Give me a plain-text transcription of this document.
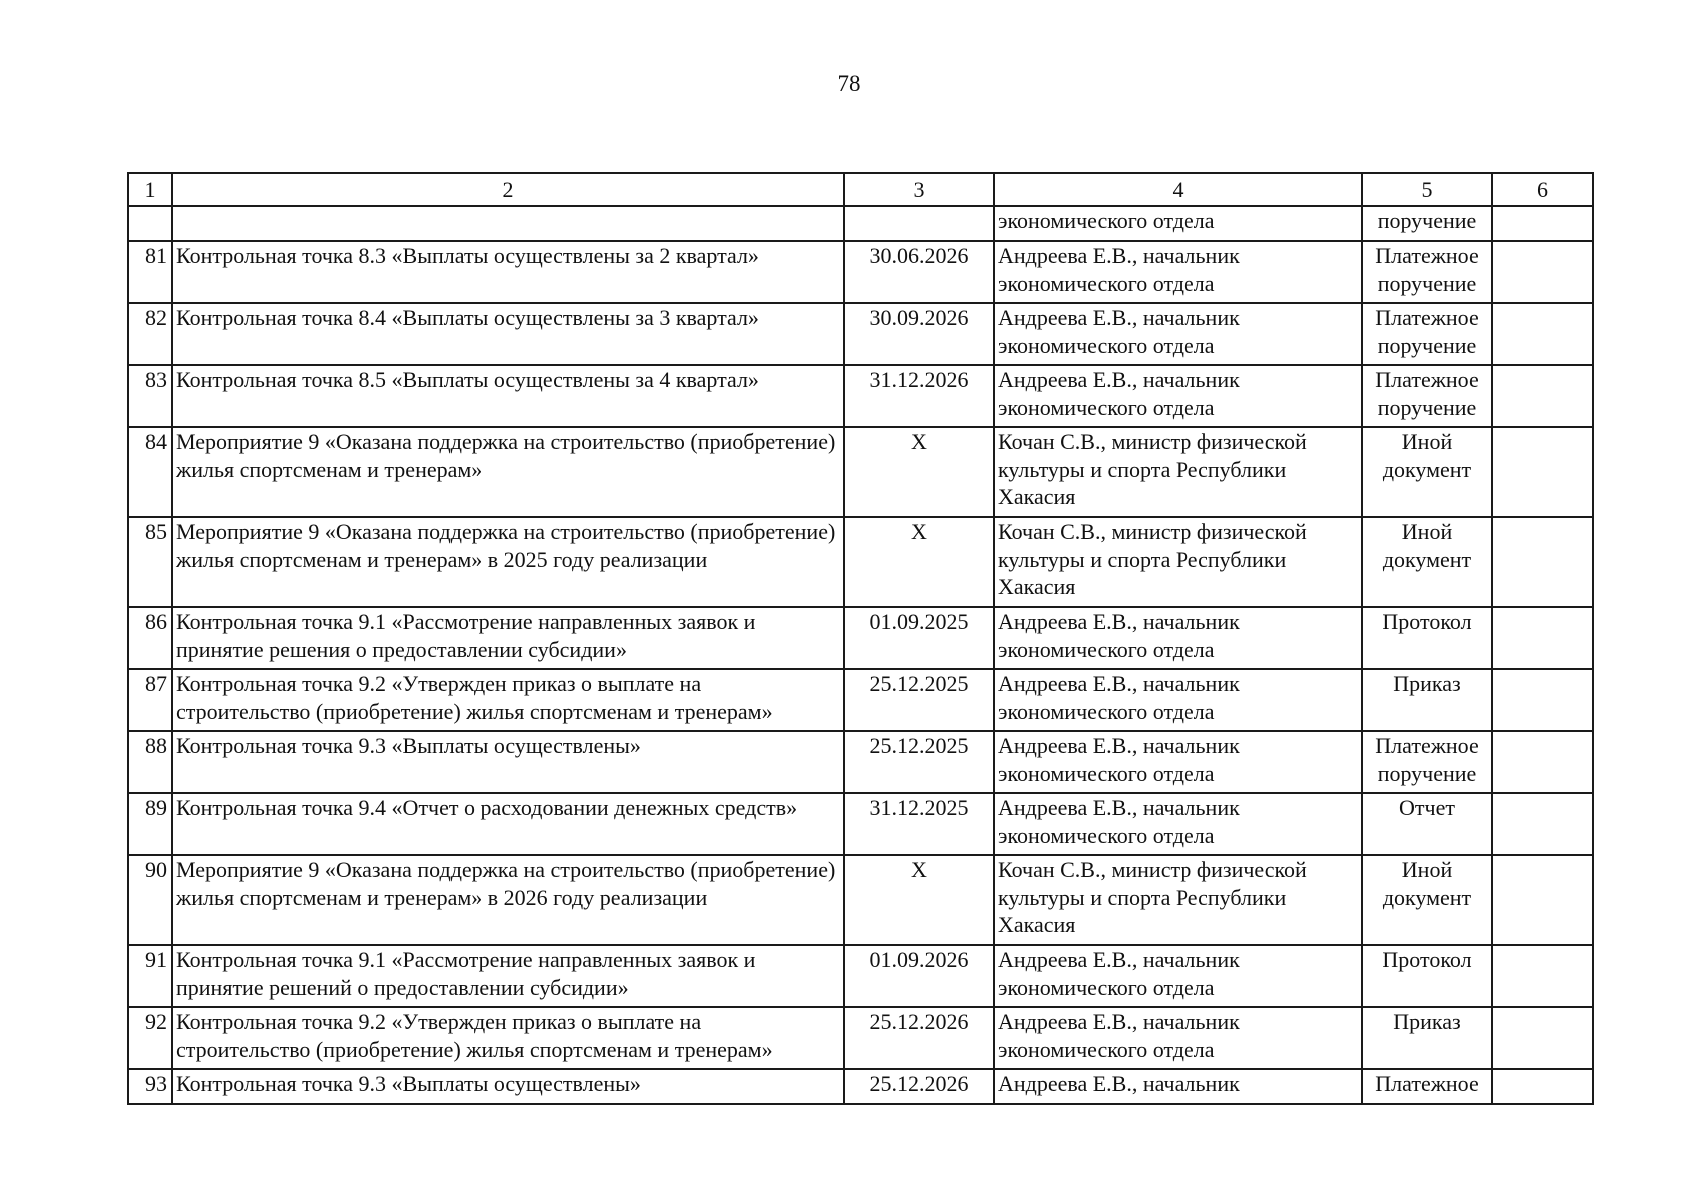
78
1	2	3	4	5	6
			экономического отдела	поручение	
81	Контрольная точка 8.3 «Выплаты осуществлены за 2 квартал»	30.06.2026	Андреева Е.В., начальник экономического отдела	Платежное поручение	
82	Контрольная точка 8.4 «Выплаты осуществлены за 3 квартал»	30.09.2026	Андреева Е.В., начальник экономического отдела	Платежное поручение	
83	Контрольная точка 8.5 «Выплаты осуществлены за 4 квартал»	31.12.2026	Андреева Е.В., начальник экономического отдела	Платежное поручение	
84	Мероприятие 9 «Оказана поддержка на строительство (приобретение) жилья спортсменам и тренерам»	X	Кочан С.В., министр физической культуры и спорта Республики Хакасия	Иной документ	
85	Мероприятие 9 «Оказана поддержка на строительство (приобретение) жилья спортсменам и тренерам» в 2025 году реализации	X	Кочан С.В., министр физической культуры и спорта Республики Хакасия	Иной документ	
86	Контрольная точка 9.1 «Рассмотрение направленных заявок и принятие решения о предоставлении субсидии»	01.09.2025	Андреева Е.В., начальник экономического отдела	Протокол	
87	Контрольная точка 9.2 «Утвержден приказ о выплате на строительство (приобретение) жилья спортсменам и тренерам»	25.12.2025	Андреева Е.В., начальник экономического отдела	Приказ	
88	Контрольная точка 9.3 «Выплаты осуществлены»	25.12.2025	Андреева Е.В., начальник экономического отдела	Платежное поручение	
89	Контрольная точка 9.4 «Отчет о расходовании денежных средств»	31.12.2025	Андреева Е.В., начальник экономического отдела	Отчет	
90	Мероприятие 9 «Оказана поддержка на строительство (приобретение) жилья спортсменам и тренерам» в 2026 году реализации	X	Кочан С.В., министр физической культуры и спорта Республики Хакасия	Иной документ	
91	Контрольная точка 9.1 «Рассмотрение направленных заявок и принятие решений о предоставлении субсидии»	01.09.2026	Андреева Е.В., начальник экономического отдела	Протокол	
92	Контрольная точка 9.2 «Утвержден приказ о выплате на строительство (приобретение) жилья спортсменам и тренерам»	25.12.2026	Андреева Е.В., начальник экономического отдела	Приказ	
93	Контрольная точка 9.3 «Выплаты осуществлены»	25.12.2026	Андреева Е.В., начальник	Платежное	
